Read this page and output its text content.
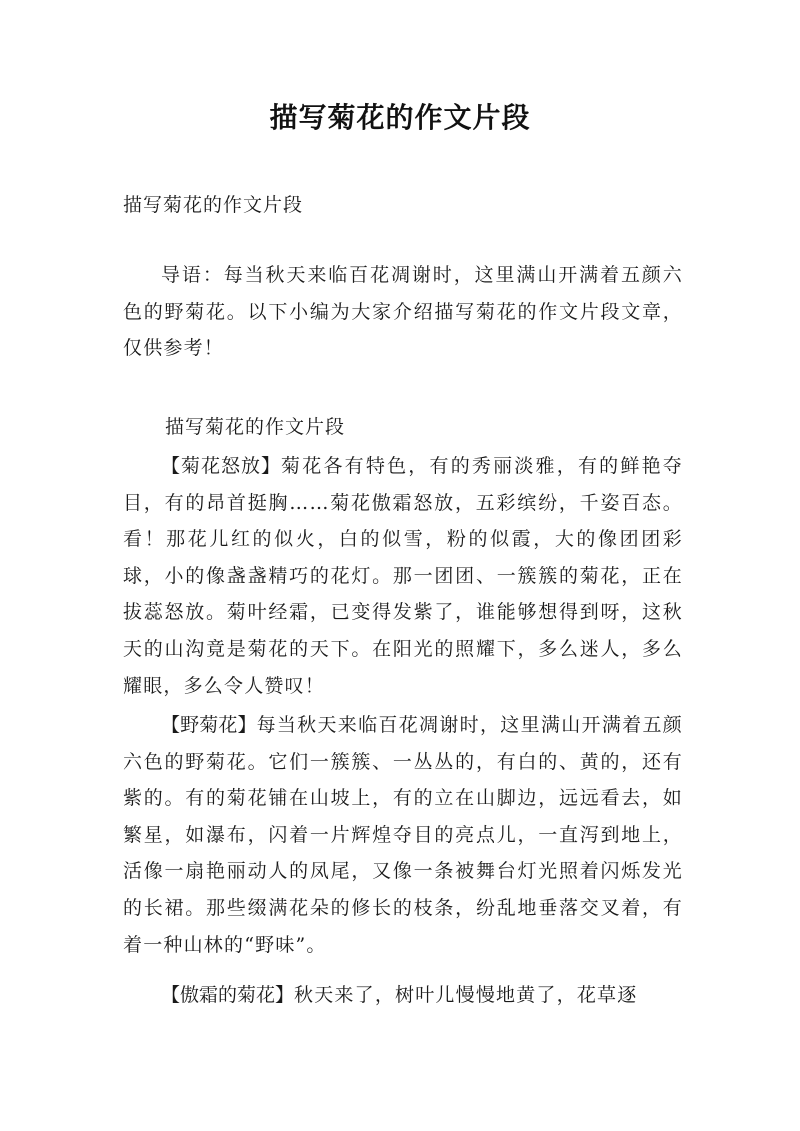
描写菊花的作文片段
描写菊花的作文片段

导语：每当秋天来临百花凋谢时，这里满山开满着五颜六色的野菊花。以下小编为大家介绍描写菊花的作文片段文章，仅供参考！

描写菊花的作文片段

【菊花怒放】菊花各有特色，有的秀丽淡雅，有的鲜艳夺目，有的昂首挺胸……菊花傲霜怒放，五彩缤纷，千姿百态。看！那花儿红的似火，白的似雪，粉的似霞，大的像团团彩球，小的像盏盏精巧的花灯。那一团团、一簇簇的菊花，正在拔蕊怒放。菊叶经霜，已变得发紫了，谁能够想得到呀，这秋天的山沟竟是菊花的天下。在阳光的照耀下，多么迷人，多么耀眼，多么令人赞叹！

【野菊花】每当秋天来临百花凋谢时，这里满山开满着五颜六色的野菊花。它们一簇簇、一丛丛的，有白的、黄的，还有紫的。有的菊花铺在山坡上，有的立在山脚边，远远看去，如繁星，如瀑布，闪着一片辉煌夺目的亮点儿，一直泻到地上，活像一扇艳丽动人的凤尾，又像一条被舞台灯光照着闪烁发光的长裙。那些缀满花朵的修长的枝条，纷乱地垂落交叉着，有着一种山林的“野味”。

【傲霜的菊花】秋天来了，树叶儿慢慢地黄了，花草逐
